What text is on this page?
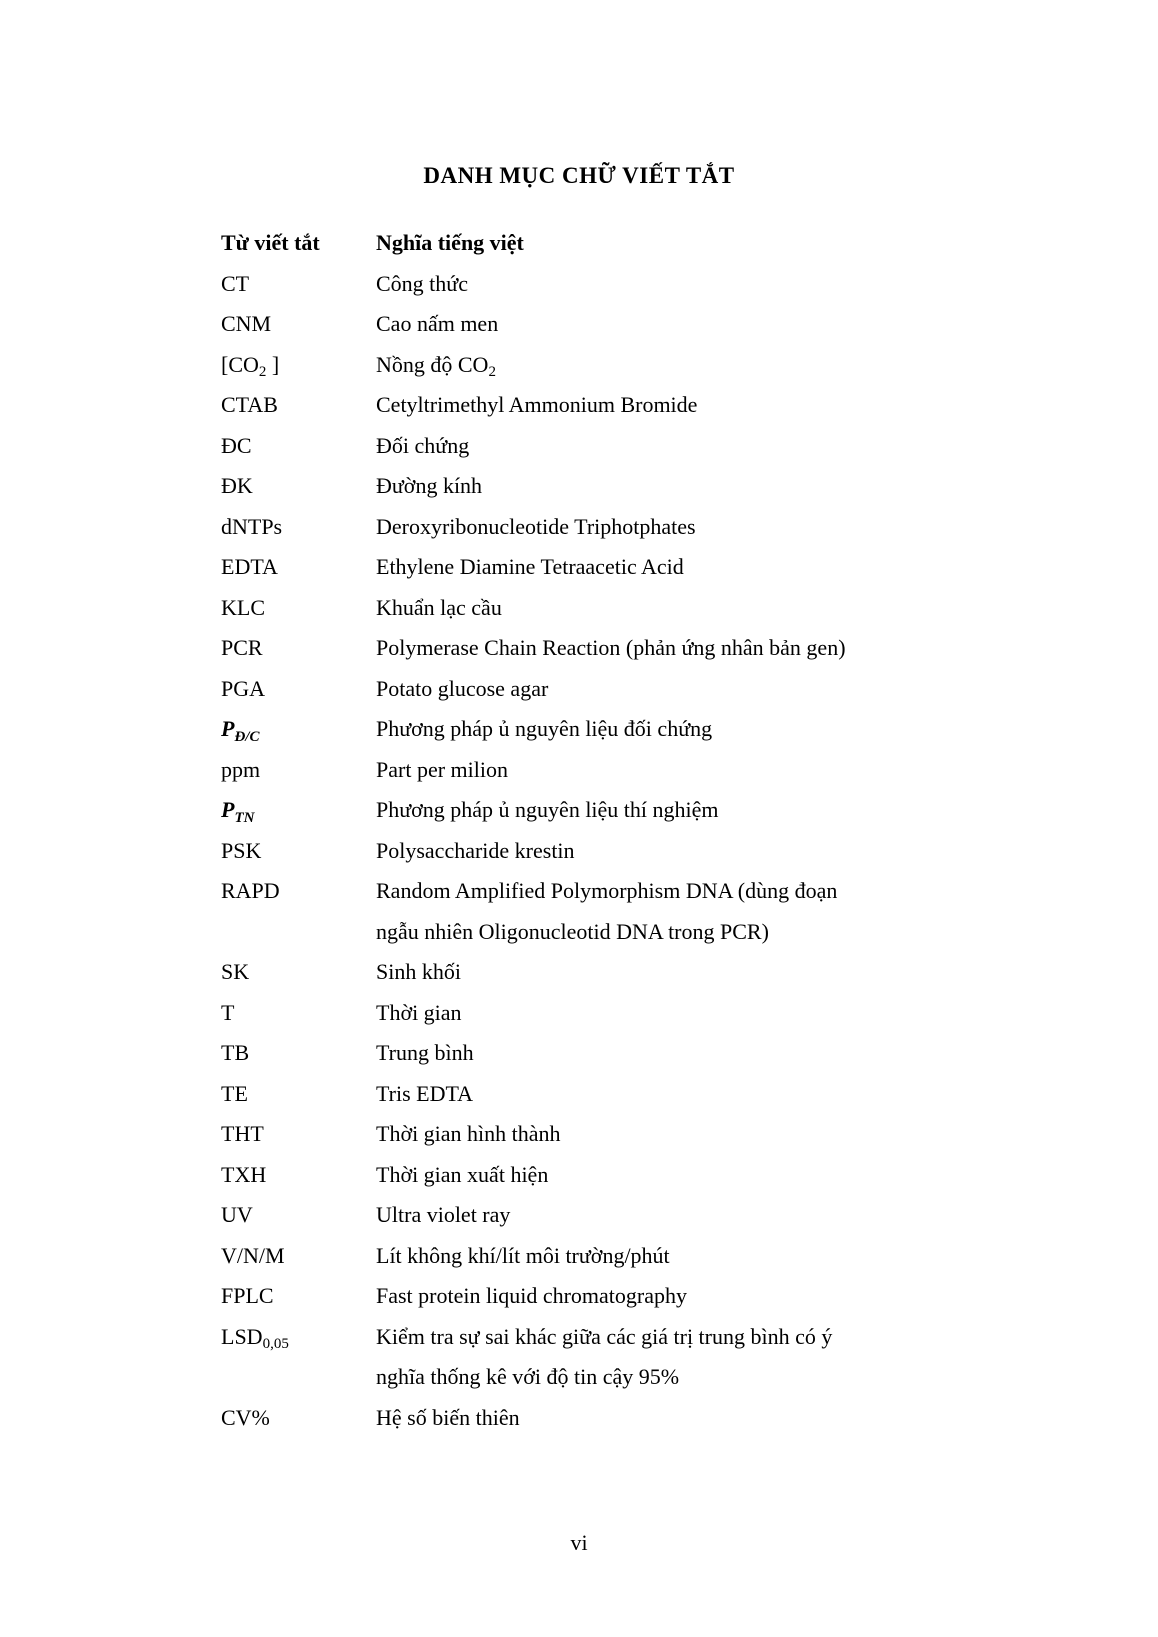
DANH MỤC CHỮ VIẾT TẮT
Từ viết tắt	Nghĩa tiếng việt
CT	Công thức
CNM	Cao nấm men
[$CO_2$ ]	Nồng độ $CO_2$
CTAB	Cetyltrimethyl Ammonium Bromide
ĐC	Đối chứng
ĐK	Đường kính
dNTPs	Deroxyribonucleotide Triphotphates
EDTA	Ethylene Diamine Tetraacetic Acid
KLC	Khuẩn lạc cầu
PCR	Polymerase Chain Reaction (phản ứng nhân bản gen)
PGA	Potato glucose agar
$P_{Đ/C}$	Phương pháp ủ nguyên liệu đối chứng
ppm	Part per milion
$P_{TN}$	Phương pháp ủ nguyên liệu thí nghiệm
PSK	Polysaccharide krestin
RAPD	Random Amplified Polymorphism DNA (dùng đoạn
ngẫu nhiên Oligonucleotid DNA trong PCR)
SK	Sinh khối
T	Thời gian
TB	Trung bình
TE	Tris EDTA
THT	Thời gian hình thành
TXH	Thời gian xuất hiện
UV	Ultra violet ray
V/N/M	Lít không khí/lít môi trường/phút
FPLC	Fast protein liquid chromatography
$LSD_{0,05}$	Kiểm tra sự sai khác giữa các giá trị trung bình có ý
nghĩa thống kê với độ tin cậy 95%
CV%	Hệ số biến thiên
vi
